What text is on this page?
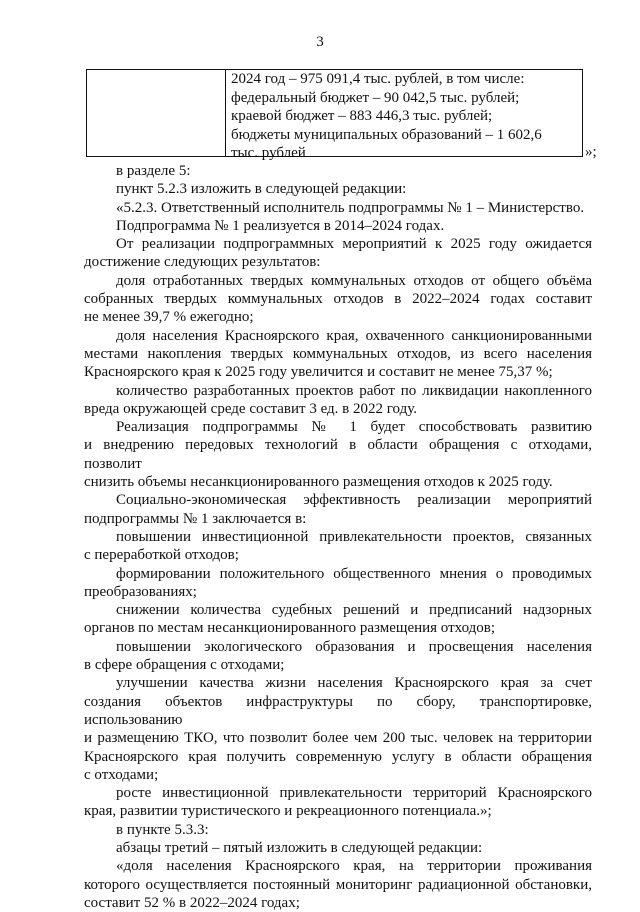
3
2024 год – 975 091,4 тыс. рублей, в том числе:
федеральный бюджет – 90 042,5 тыс. рублей;
краевой бюджет – 883 446,3 тыс. рублей;
бюджеты муниципальных образований – 1 602,6
тыс. рублей	»;
в разделе 5:
пункт 5.2.3 изложить в следующей редакции:
«5.2.3. Ответственный исполнитель подпрограммы № 1 – Министерство.
Подпрограмма № 1 реализуется в 2014–2024 годах.
От реализации подпрограммных мероприятий к 2025 году ожидается
достижение следующих результатов:
доля отработанных твердых коммунальных отходов от общего объёма
собранных твердых коммунальных отходов в 2022–2024 годах составит
не менее 39,7 % ежегодно;
доля населения Красноярского края, охваченного санкционированными
местами накопления твердых коммунальных отходов, из всего населения
Красноярского края к 2025 году увеличится и составит не менее 75,37 %;
количество разработанных проектов работ по ликвидации накопленного
вреда окружающей среде составит 3 ед. в 2022 году.
Реализация подпрограммы № 1 будет способствовать развитию
и внедрению передовых технологий в области обращения с отходами, позволит
снизить объемы несанкционированного размещения отходов к 2025 году.
Социально-экономическая эффективность реализации мероприятий
подпрограммы № 1 заключается в:
повышении инвестиционной привлекательности проектов, связанных
с переработкой отходов;
формировании положительного общественного мнения о проводимых
преобразованиях;
снижении количества судебных решений и предписаний надзорных
органов по местам несанкционированного размещения отходов;
повышении экологического образования и просвещения населения
в сфере обращения с отходами;
улучшении качества жизни населения Красноярского края за счет
создания объектов инфраструктуры по сбору, транспортировке, использованию
и размещению ТКО, что позволит более чем 200 тыс. человек на территории
Красноярского края получить современную услугу в области обращения
с отходами;
росте инвестиционной привлекательности территорий Красноярского
края, развитии туристического и рекреационного потенциала.»;
в пункте 5.3.3:
абзацы третий – пятый изложить в следующей редакции:
«доля населения Красноярского края, на территории проживания
которого осуществляется постоянный мониторинг радиационной обстановки,
составит 52 % в 2022–2024 годах;
